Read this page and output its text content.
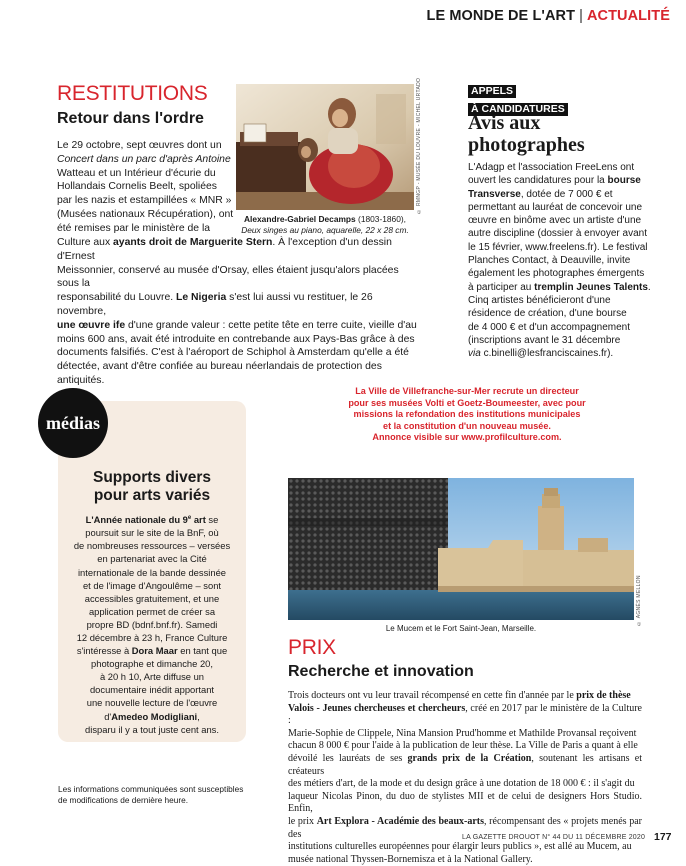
LE MONDE DE L'ART | ACTUALITÉ
RESTITUTIONS
Retour dans l'ordre

Le 29 octobre, sept œuvres dont un

Concert dans un parc d'après Antoine

Watteau et un Intérieur d'écurie du

Hollandais Cornelis Beelt, spoliées

par les nazis et estampillées « MNR »

(Musées nationaux Récupération), ont

été remises par le ministère de la

Culture aux ayants droit de Marguerite Stern. À l'exception d'un dessin d'Ernest

Meissonnier, conservé au musée d'Orsay, elles étaient jusqu'alors placées sous la

responsabilité du Louvre. Le Nigeria s'est lui aussi vu restituer, le 26 novembre,

une œuvre ife d'une grande valeur : cette petite tête en terre cuite, vieille d'au

moins 600 ans, avait été introduite en contrebande aux Pays-Bas grâce à des

documents falsifiés. C'est à l'aéroport de Schiphol à Amsterdam qu'elle a été

détectée, avant d'être confiée au bureau néerlandais de protection des antiquités.

© RMNGP - MUSÉE DU LOUVRE - MICHEL URTADO

Alexandre-Gabriel Decamps (1803-1860),

Deux singes au piano, aquarelle, 22 x 28 cm.

APPELS
À CANDIDATURES

Avis aux

photographes

L'Adagp et l'association FreeLens ont

ouvert les candidatures pour la bourse

Transverse, dotée de 7 000 € et

permettant au lauréat de concevoir une

œuvre en binôme avec un artiste d'une

autre discipline (dossier à envoyer avant

le 15 février, www.freelens.fr). Le festival

Planches Contact, à Deauville, invite

également les photographes émergents

à participer au tremplin Jeunes Talents.

Cinq artistes bénéficieront d'une

résidence de création, d'une bourse

de 4 000 € et d'un accompagnement

(inscriptions avant le 31 décembre

via c.binelli@lesfranciscaines.fr).

médias

Supports divers

pour arts variés

L'Année nationale du 9e art se

poursuit sur le site de la BnF, où

de nombreuses ressources – versées

en partenariat avec la Cité

internationale de la bande dessinée

et de l'image d'Angoulême – sont

accessibles gratuitement, et une

application permet de créer sa

propre BD (bdnf.bnf.fr). Samedi

12 décembre à 23 h, France Culture

s'intéresse à Dora Maar en tant que

photographe et dimanche 20,

à 20 h 10, Arte diffuse un

documentaire inédit apportant

une nouvelle lecture de l'œuvre

d'Amedeo Modigliani,

disparu il y a tout juste cent ans.

Les informations communiquées sont susceptibles

de modifications de dernière heure.

La Ville de Villefranche-sur-Mer recrute un directeur

pour ses musées Volti et Goetz-Boumeester, avec pour

missions la refondation des institutions municipales

et la constitution d'un nouveau musée.

Annonce visible sur www.profilculture.com.

© AGNÈS MELLON
Le Mucem et le Fort Saint-Jean, Marseille.
PRIX
Recherche et innovation

Trois docteurs ont vu leur travail récompensé en cette fin d'année par le prix de thèse

Valois - Jeunes chercheuses et chercheurs, créé en 2017 par le ministère de la Culture :

Marie-Sophie de Clippele, Nina Mansion Prud'homme et Mathilde Provansal reçoivent

chacun 8 000 € pour l'aide à la publication de leur thèse. La Ville de Paris a quant à elle

dévoilé les lauréats de ses grands prix de la Création, soutenant les artisans et créateurs

des métiers d'art, de la mode et du design grâce à une dotation de 18 000 € : il s'agit du

laqueur Nicolas Pinon, du duo de stylistes MII et de celui de designers Hors Studio. Enfin,

le prix Art Explora - Académie des beaux-arts, récompensant des « projets menés par des

institutions culturelles européennes pour élargir leurs publics », est allé au Mucem, au

musée national Thyssen-Bornemisza et à la National Gallery.

LA GAZETTE DROUOT N° 44 DU 11 DÉCEMBRE 2020 177
